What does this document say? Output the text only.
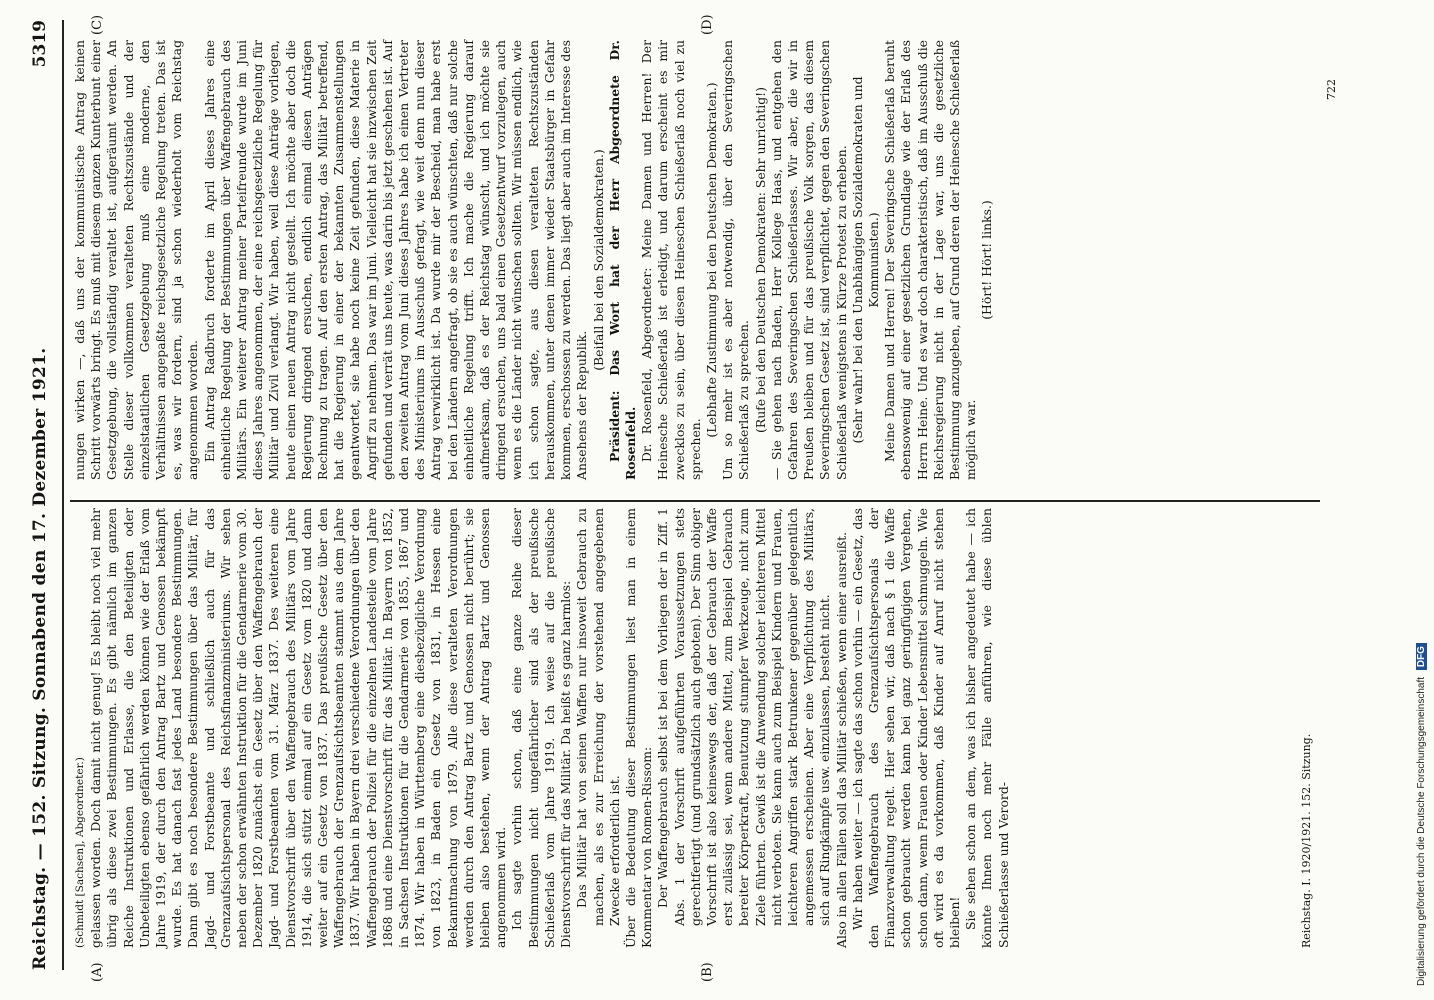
Reichstag. — 152. Sitzung. Sonnabend den 17. Dezember 1921.
5319
(A)	(B)
(C)	(D)

(Schmidt [Sachsen], Abgeordneter.) gelassen worden. Doch damit nicht genug! Es bleibt noch viel mehr übrig als diese zwei Bestimmungen. Es gibt nämlich im ganzen Reiche Instruktionen und Erlasse, die den Beteiligten oder Unbeteiligten ebenso gefährlich werden können wie der Erlaß vom Jahre 1919, der durch den Antrag Bartz und Genossen bekämpft wurde. Es hat danach fast jedes Land besondere Bestimmungen. Dann gibt es noch besondere Bestimmungen über das Militär, für Jagd- und Forstbeamte und schließlich auch für das Grenzaufsichtspersonal des Reichsfinanzministeriums. Wir sehen neben der schon erwähnten Instruktion für die Gendarmerie vom 30. Dezember 1820 zunächst ein Gesetz über den Waffengebrauch der Jagd- und Forstbeamten vom 31. März 1837. Des weiteren eine Dienstvorschrift über den Waffengebrauch des Militärs vom Jahre 1914, die sich stützt einmal auf ein Gesetz vom 1820 und dann weiter auf ein Gesetz von 1837. Das preußische Gesetz über den Waffengebrauch der Grenzaufsichtsbeamten stammt aus dem Jahre 1837. Wir haben in Bayern drei verschiedene Verordnungen über den Waffengebrauch der Polizei für die einzelnen Landesteile vom Jahre 1868 und eine Dienstvorschrift für das Militär. In Bayern von 1852, in Sachsen Instruktionen für die Gendarmerie von 1855, 1867 und 1874. Wir haben in Württemberg eine diesbezügliche Verordnung von 1823, in Baden ein Gesetz von 1831, in Hessen eine Bekanntmachung von 1879. Alle diese veralteten Verordnungen werden durch den Antrag Bartz und Genossen nicht berührt; sie bleiben also bestehen, wenn der Antrag Bartz und Genossen angenommen wird. Ich sagte vorhin schon, daß eine ganze Reihe dieser Bestimmungen nicht ungefährlicher sind als der preußische Schießerlaß vom Jahre 1919. Ich weise auf die preußische Dienstvorschrift für das Militär. Da heißt es ganz harmlos: Das Militär hat von seinen Waffen nur insoweit Gebrauch zu machen, als es zur Erreichung der vorstehend angegebenen Zwecke erforderlich ist. Über die Bedeutung dieser Bestimmungen liest man in einem Kommentar von Romen-Rissom: Der Waffengebrauch selbst ist bei dem Vorliegen der in Ziff. 1 Abs. 1 der Vorschrift aufgeführten Voraussetzungen stets gerechtfertigt (und grundsätzlich auch geboten). Der Sinn obiger Vorschrift ist also keineswegs der, daß der Gebrauch der Waffe erst zulässig sei, wenn andere Mittel, zum Beispiel Gebrauch bereiter Körperkraft, Benutzung stumpfer Werkzeuge, nicht zum Ziele führten. Gewiß ist die Anwendung solcher leichteren Mittel nicht verboten. Sie kann auch zum Beispiel Kindern und Frauen, leichteren Angriffen stark Betrunkener gegenüber gelegentlich angemessen erscheinen. Aber eine Verpflichtung des Militärs, sich auf Ringkämpfe usw. einzulassen, besteht nicht. Also in allen Fällen soll das Militär schießen, wenn einer ausreißt. Wir haben weiter — ich sagte das schon vorhin — ein Gesetz, das den Waffengebrauch des Grenzaufsichtspersonals der Finanzverwaltung regelt. Hier sehen wir, daß nach § 1 die Waffe schon gebraucht werden kann bei ganz geringfügigen Vergehen, schon dann, wenn Frauen oder Kinder Lebensmittel schmuggeln. Wie oft wird es da vorkommen, daß Kinder auf Anruf nicht stehen bleiben! Sie sehen schon an dem, was ich bisher angedeutet habe — ich könnte Ihnen noch mehr Fälle anführen, wie diese üblen Schießerlasse und Verord-

nungen wirken —, daß uns der kommunistische Antrag keinen Schritt vorwärts bringt. Es muß mit diesem ganzen Kunterbunt einer Gesetzgebung, die vollständig veraltet ist, aufgeräumt werden. An Stelle dieser vollkommen veralteten Rechtszustände und der einzelstaatlichen Gesetzgebung muß eine moderne, den Verhältnissen angepaßte reichsgesetzliche Regelung treten. Das ist es, was wir fordern, sind ja schon wiederholt vom Reichstag angenommen worden. Ein Antrag Radbruch forderte im April dieses Jahres eine einheitliche Regelung der Bestimmungen über Waffengebrauch des Militärs. Ein weiterer Antrag meiner Parteifreunde wurde im Juni dieses Jahres angenommen, der eine reichsgesetzliche Regelung für Militär und Zivil verlangt. Wir haben, weil diese Anträge vorliegen, heute einen neuen Antrag nicht gestellt. Ich möchte aber doch die Regierung dringend ersuchen, endlich einmal diesen Anträgen Rechnung zu tragen. Auf den ersten Antrag, das Militär betreffend, hat die Regierung in einer der bekannten Zusammenstellungen geantwortet, sie habe noch keine Zeit gefunden, diese Materie in Angriff zu nehmen. Das war im Juni. Vielleicht hat sie inzwischen Zeit gefunden und verrät uns heute, was darin bis jetzt geschehen ist. Auf den zweiten Antrag vom Juni dieses Jahres habe ich einen Vertreter des Ministeriums im Ausschuß gefragt, wie weit denn nun dieser Antrag verwirklicht ist. Da wurde mir der Bescheid, man habe erst bei den Ländern angefragt, ob sie es auch wünschten, daß nur solche einheitliche Regelung trifft. Ich mache die Regierung darauf aufmerksam, daß es der Reichstag wünscht, und ich möchte sie dringend ersuchen, uns bald einen Gesetzentwurf vorzulegen, auch wenn es die Länder nicht wünschen sollten. Wir müssen endlich, wie ich schon sagte, aus diesen veralteten Rechtszuständen herauskommen, unter denen immer wieder Staatsbürger in Gefahr kommen, erschossen zu werden. Das liegt aber auch im Interesse des Ansehens der Republik.

(Beifall bei den Sozialdemokraten.) Präsident: Das Wort hat der Herr Abgeordnete Dr. Rosenfeld. Dr. Rosenfeld, Abgeordneter: Meine Damen und Herren! Der Heinesche Schießerlaß ist erledigt, und darum erscheint es mir zwecklos zu sein, über diesen Heineschen Schießerlaß noch viel zu sprechen.

(Lebhafte Zustimmung bei den Deutschen Demokraten.) Um so mehr ist es aber notwendig, über den Severingschen Schießerlaß zu sprechen. (Rufe bei den Deutschen Demokraten: Sehr unrichtig!) — Sie gehen nach Baden, Herr Kollege Haas, und entgehen den Gefahren des Severingschen Schießerlasses. Wir aber, die wir in Preußen bleiben und für das preußische Volk sorgen, das diesem Severingschen Gesetz ist, sind verpflichtet, gegen den Severingschen Schießerlaß wenigstens in Kürze Protest zu erheben. (Sehr wahr! bei den Unabhängigen Sozialdemokraten und Kommunisten.) Meine Damen und Herren! Der Severingsche Schießerlaß beruht ebensowenig auf einer gesetzlichen Grundlage wie der Erlaß des Herrn Heine. Und es war doch charakteristisch, daß im Ausschuß die Reichsregierung nicht in der Lage war, uns die gesetzliche Bestimmung anzugeben, auf Grund deren der Heinesche Schießerlaß möglich war.

(Hört! Hört! links.)

Reichstag. I. 1920/1921. 152. Sitzung.
722
Digitalisierung gefördert durch die Deutsche Forschungsgemeinschaft DFG
